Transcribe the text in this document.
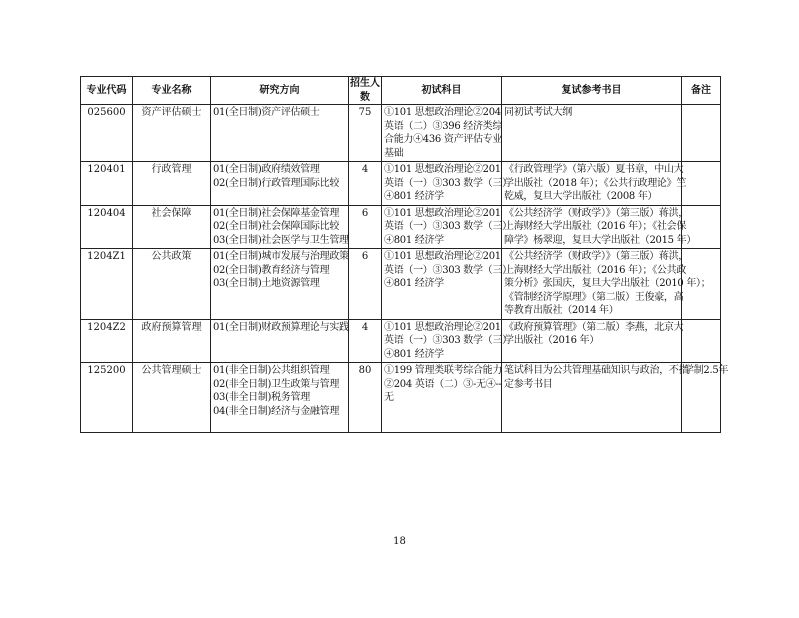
专业代码	专业名称	研究方向	招生人数	初试科目	复试参考书目	备注
025600	资产评估硕士	01(全日制)资产评估硕士	75	①101 思想政治理论②204
英语（二）③396 经济类综
合能力④436 资产评估专业
基础	同初试考试大纲	

120401	行政管理	01(全日制)政府绩效管理
02(全日制)行政管理国际比较	4	①101 思想政治理论②201
英语（一）③303 数学（三）
④801 经济学	《行政管理学》（第六版）夏书章，中山大
学出版社（2018 年）；《公共行政理论》竺
乾威，复旦大学出版社（2008 年）	

120404	社会保障	01(全日制)社会保障基金管理
02(全日制)社会保障国际比较
03(全日制)社会医学与卫生管理	6	①101 思想政治理论②201
英语（一）③303 数学（三）
④801 经济学	《公共经济学（财政学）》（第三版）蒋洪，
上海财经大学出版社（2016 年）；《社会保
障学》杨翠迎，复旦大学出版社（2015 年）	

1204Z1	公共政策	01(全日制)城市发展与治理政策
02(全日制)教育经济与管理
03(全日制)土地资源管理	6	①101 思想政治理论②201
英语（一）③303 数学（三）
④801 经济学	《公共经济学（财政学）》（第三版）蒋洪，
上海财经大学出版社（2016 年）；《公共政
策分析》张国庆，复旦大学出版社（2010 年）；
《管制经济学原理》（第二版）王俊豪，高
等教育出版社（2014 年）	

1204Z2	政府预算管理	01(全日制)财政预算理论与实践	4	①101 思想政治理论②201
英语（一）③303 数学（三）
④801 经济学	《政府预算管理》（第二版）李燕，北京大
学出版社（2016 年）	

125200	公共管理硕士	01(非全日制)公共组织管理
02(非全日制)卫生政策与管理
03(非全日制)税务管理
04(非全日制)经济与金融管理	80	①199 管理类联考综合能力
②204 英语（二）③-无④--
无	笔试科目为公共管理基础知识与政治，不指
定参考书目	学制2.5年
18
